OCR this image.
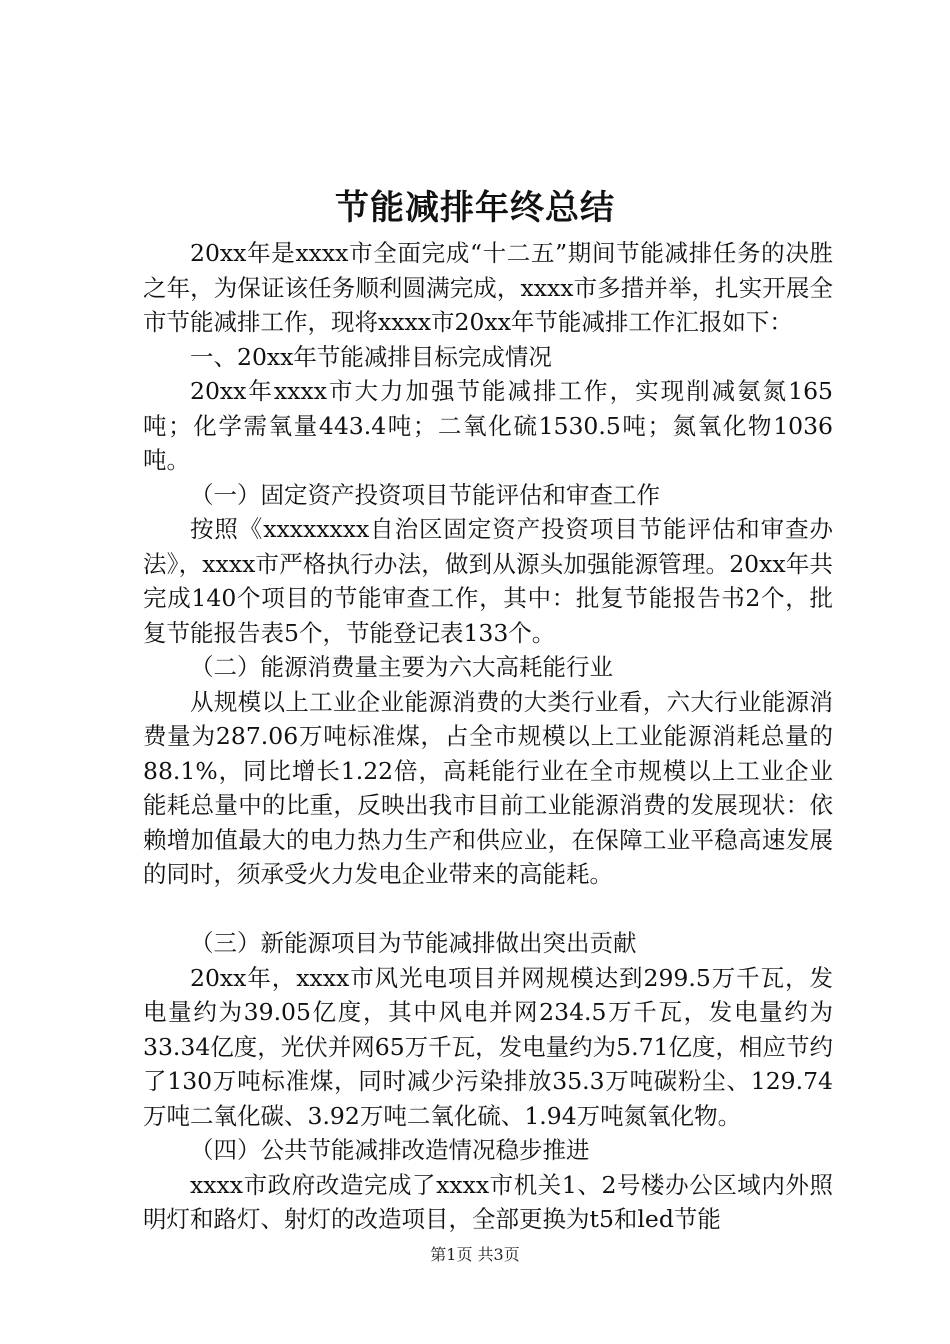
节能减排年终总结

20xx年是xxxx市全面完成“十二五”期间节能减排任务的决胜之年，为保证该任务顺利圆满完成，xxxx市多措并举，扎实开展全市节能减排工作，现将xxxx市20xx年节能减排工作汇报如下：

一、20xx年节能减排目标完成情况

20xx年xxxx市大力加强节能减排工作，实现削减氨氮165吨；化学需氧量443.4吨；二氧化硫1530.5吨；氮氧化物1036吨。

（一）固定资产投资项目节能评估和审查工作

按照《xxxxxxxx自治区固定资产投资项目节能评估和审查办法》，xxxx市严格执行办法，做到从源头加强能源管理。20xx年共完成140个项目的节能审查工作，其中：批复节能报告书2个，批复节能报告表5个，节能登记表133个。

（二）能源消费量主要为六大高耗能行业

从规模以上工业企业能源消费的大类行业看，六大行业能源消费量为287.06万吨标准煤，占全市规模以上工业能源消耗总量的88.1%，同比增长1.22倍，高耗能行业在全市规模以上工业企业能耗总量中的比重，反映出我市目前工业能源消费的发展现状：依赖增加值最大的电力热力生产和供应业，在保障工业平稳高速发展的同时，须承受火力发电企业带来的高能耗。

（三）新能源项目为节能减排做出突出贡献

20xx年，xxxx市风光电项目并网规模达到299.5万千瓦，发电量约为39.05亿度，其中风电并网234.5万千瓦，发电量约为33.34亿度，光伏并网65万千瓦，发电量约为5.71亿度，相应节约了130万吨标准煤，同时减少污染排放35.3万吨碳粉尘、129.74万吨二氧化碳、3.92万吨二氧化硫、1.94万吨氮氧化物。

（四）公共节能减排改造情况稳步推进

xxxx市政府改造完成了xxxx市机关1、2号楼办公区域内外照明灯和路灯、射灯的改造项目，全部更换为t5和led节能

第1页 共3页
